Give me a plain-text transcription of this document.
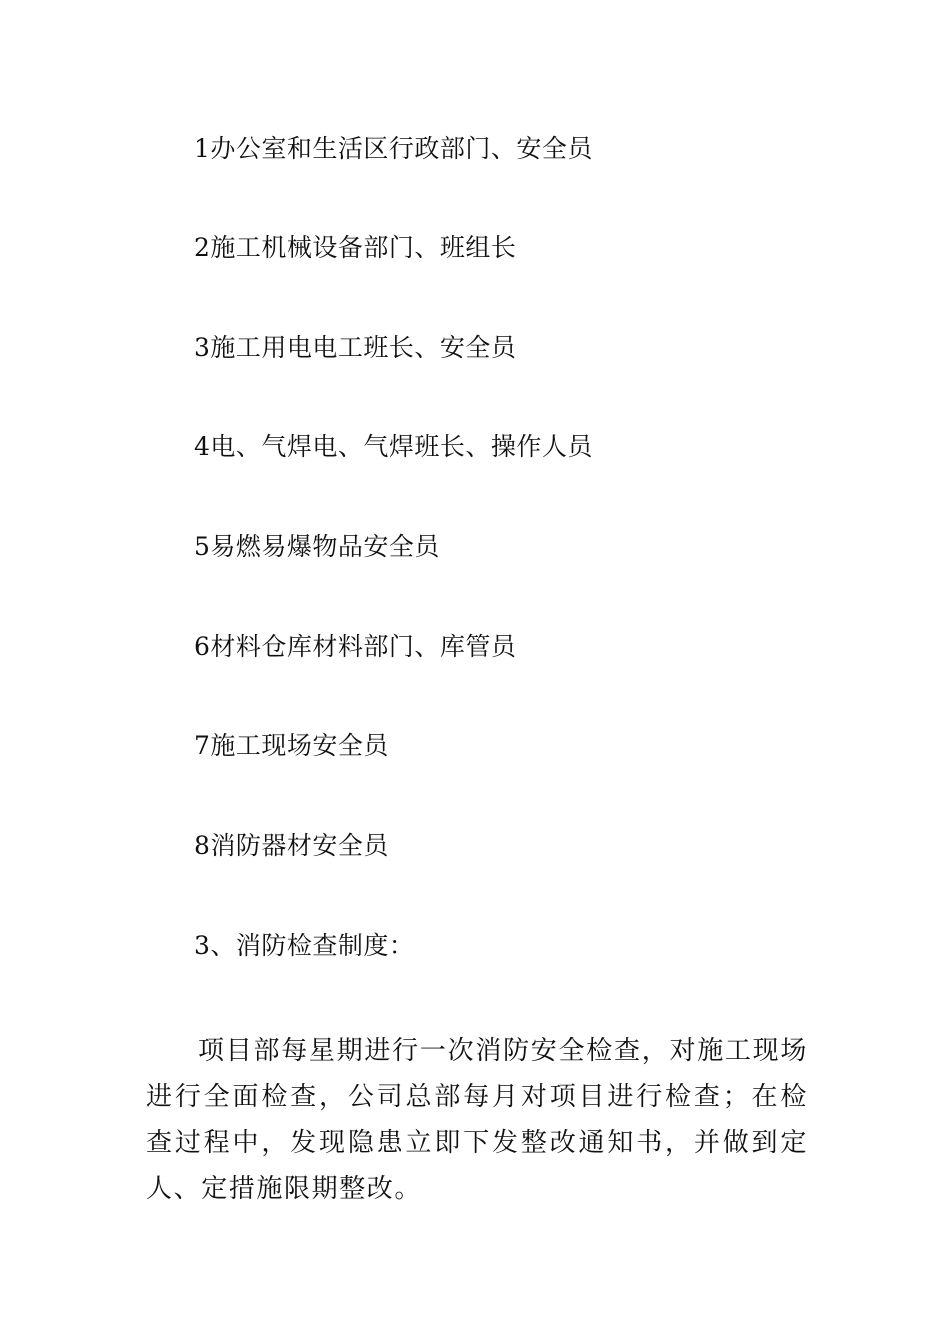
1办公室和生活区行政部门、安全员
2施工机械设备部门、班组长
3施工用电电工班长、安全员
4电、气焊电、气焊班长、操作人员
5易燃易爆物品安全员
6材料仓库材料部门、库管员
7施工现场安全员
8消防器材安全员
3、消防检查制度：
项目部每星期进行一次消防安全检查，对施工现场进行全面检查，公司总部每月对项目进行检查；在检查过程中，发现隐患立即下发整改通知书，并做到定人、定措施限期整改。
